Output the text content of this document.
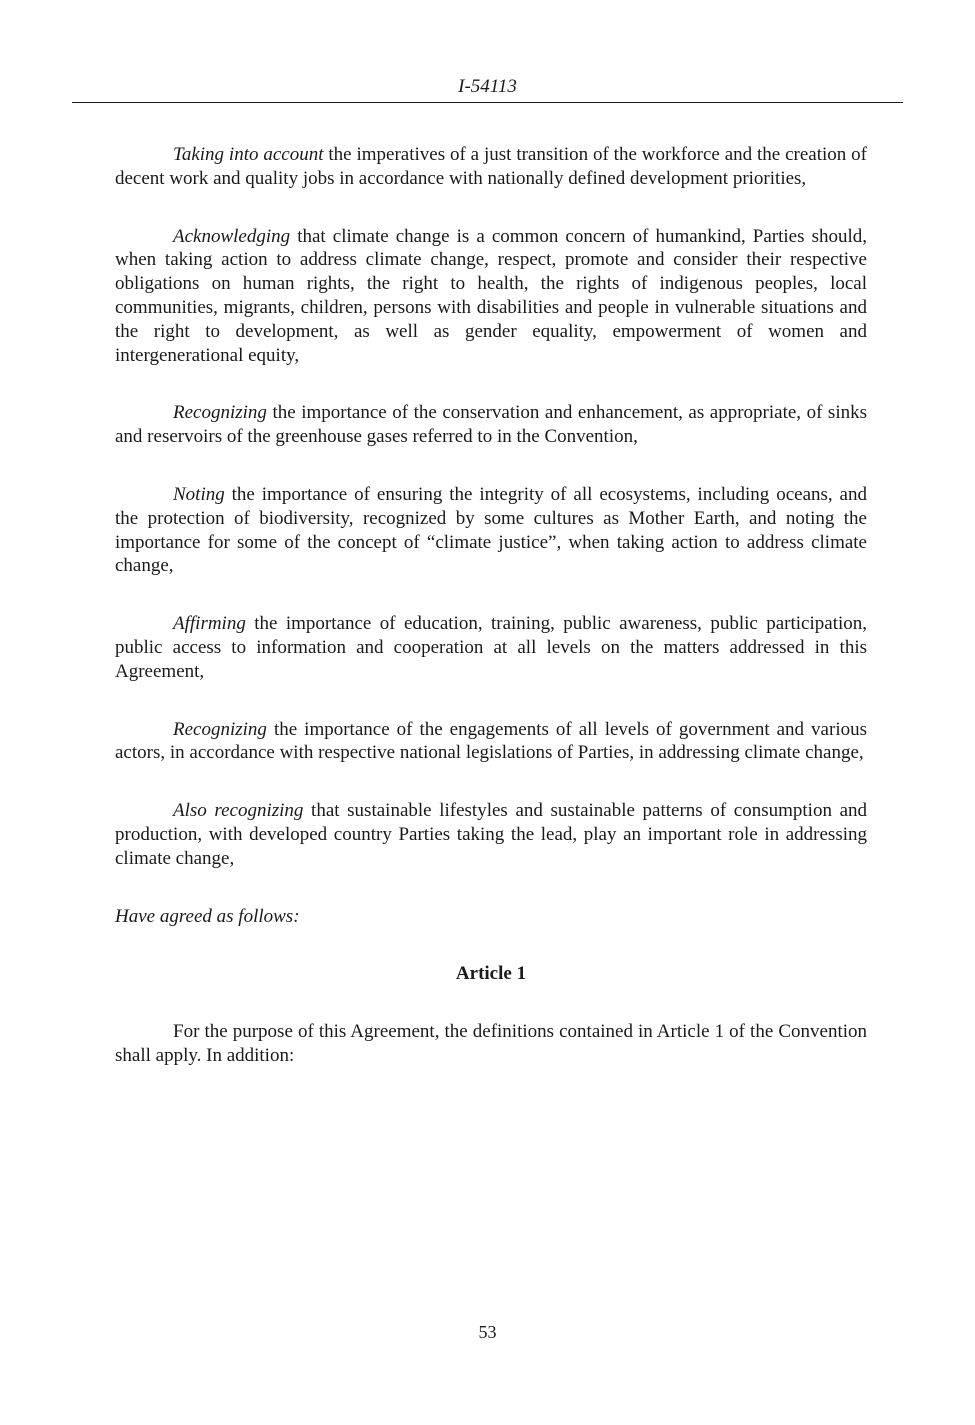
I-54113

Taking into account the imperatives of a just transition of the workforce and the creation of decent work and quality jobs in accordance with nationally defined development priorities,

Acknowledging that climate change is a common concern of humankind, Parties should, when taking action to address climate change, respect, promote and consider their respective obligations on human rights, the right to health, the rights of indigenous peoples, local communities, migrants, children, persons with disabilities and people in vulnerable situations and the right to development, as well as gender equality, empowerment of women and intergenerational equity,

Recognizing the importance of the conservation and enhancement, as appropriate, of sinks and reservoirs of the greenhouse gases referred to in the Convention,

Noting the importance of ensuring the integrity of all ecosystems, including oceans, and the protection of biodiversity, recognized by some cultures as Mother Earth, and noting the importance for some of the concept of “climate justice”, when taking action to address climate change,

Affirming the importance of education, training, public awareness, public participation, public access to information and cooperation at all levels on the matters addressed in this Agreement,

Recognizing the importance of the engagements of all levels of government and various actors, in accordance with respective national legislations of Parties, in addressing climate change,

Also recognizing that sustainable lifestyles and sustainable patterns of consumption and production, with developed country Parties taking the lead, play an important role in addressing climate change,

Have agreed as follows:

Article 1

For the purpose of this Agreement, the definitions contained in Article 1 of the Convention shall apply. In addition:

53
